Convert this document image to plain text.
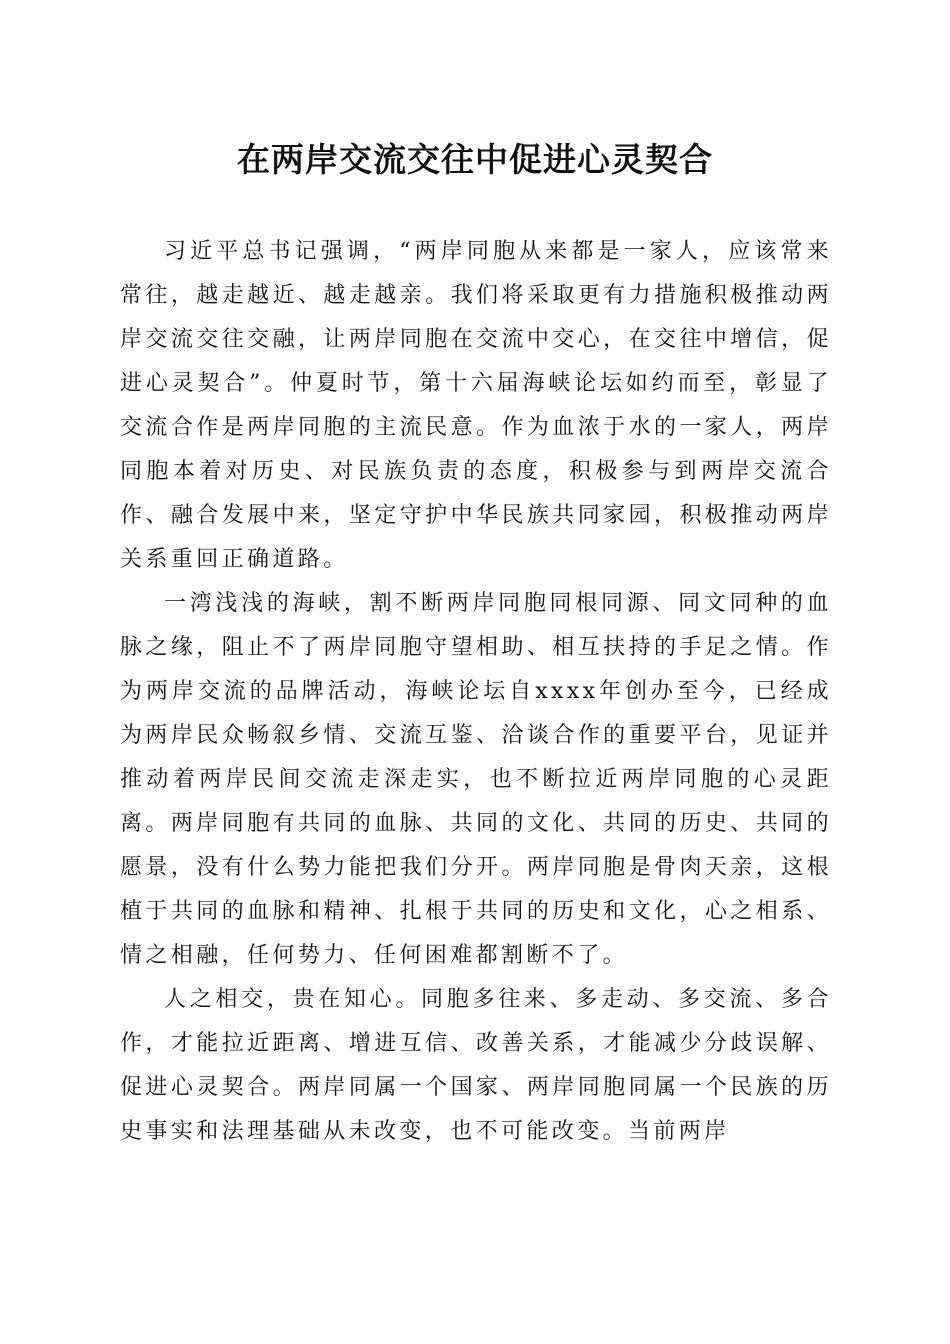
在两岸交流交往中促进心灵契合

习近平总书记强调，“两岸同胞从来都是一家人，应该常来常往，越走越近、越走越亲。我们将采取更有力措施积极推动两岸交流交往交融，让两岸同胞在交流中交心，在交往中增信，促进心灵契合”。仲夏时节，第十六届海峡论坛如约而至，彰显了交流合作是两岸同胞的主流民意。作为血浓于水的一家人，两岸同胞本着对历史、对民族负责的态度，积极参与到两岸交流合作、融合发展中来，坚定守护中华民族共同家园，积极推动两岸关系重回正确道路。

一湾浅浅的海峡，割不断两岸同胞同根同源、同文同种的血脉之缘，阻止不了两岸同胞守望相助、相互扶持的手足之情。作为两岸交流的品牌活动，海峡论坛自xxxx年创办至今，已经成为两岸民众畅叙乡情、交流互鉴、洽谈合作的重要平台，见证并推动着两岸民间交流走深走实，也不断拉近两岸同胞的心灵距离。两岸同胞有共同的血脉、共同的文化、共同的历史、共同的愿景，没有什么势力能把我们分开。两岸同胞是骨肉天亲，这根植于共同的血脉和精神、扎根于共同的历史和文化，心之相系、情之相融，任何势力、任何困难都割断不了。

人之相交，贵在知心。同胞多往来、多走动、多交流、多合作，才能拉近距离、增进互信、改善关系，才能减少分歧误解、促进心灵契合。两岸同属一个国家、两岸同胞同属一个民族的历史事实和法理基础从未改变，也不可能改变。当前两岸
